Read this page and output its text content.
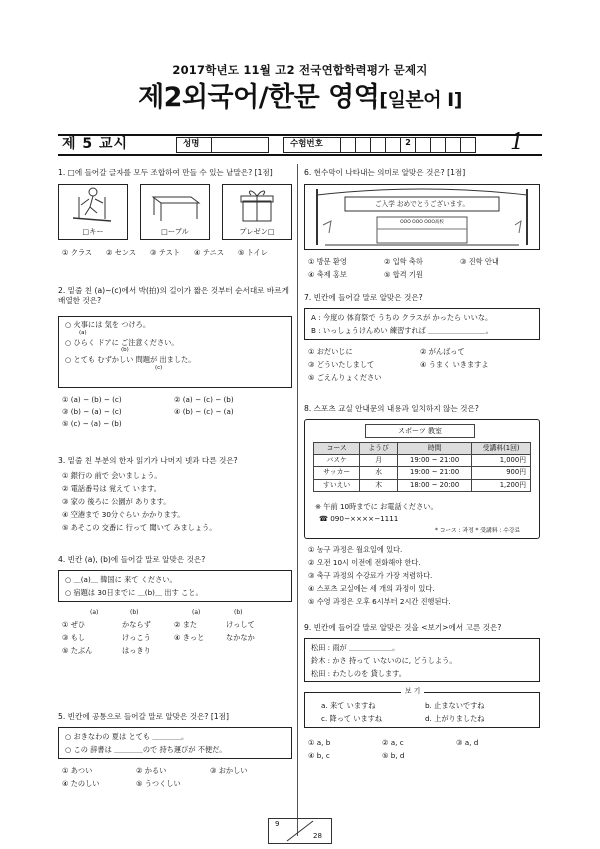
2017학년도 11월 고2 전국연합학력평가 문제지
제2외국어/한문 영역[일본어 Ⅰ]
제 5 교시	성명	수험번호	2	1
1. □에 들어갈 글자를 모두 조합하여 만들 수 있는 낱말은? [1점]
□キー	□ーブル	プレゼン□
① クラス ② センス ③ テスト ④ テニス ⑤ トイレ
2. 밑줄 친 (a)~(c)에서 박(拍)의 길이가 짧은 것부터 순서대로 바르게 배열한 것은?
○ 火事には 気を つけろ。
(a)
○ ひらく ドアに ご注意ください。
(b)
○ とても むずかしい 問題が 出ました。
(c)
① (a) − (b) − (c)	② (a) − (c) − (b)
③ (b) − (a) − (c)	④ (b) − (c) − (a)
⑤ (c) − (a) − (b)
3. 밑줄 친 부분의 한자 읽기가 나머지 넷과 다른 것은?
① 銀行の 前で 会いましょう。
② 電話番号は 覚えて います。
③ 家の 後ろに 公園が あります。
④ 空港まで 30分ぐらい かかります。
⑤ あそこの 交番に 行って 聞いて みましょう。
4. 빈칸 (a), (b)에 들어갈 말로 알맞은 것은?
○ ＿(a)＿ 韓国に 来て ください。
○ 宿題は 30日までに ＿(b)＿ 出す こと。
(a)	(b)	(a)	(b)
① ぜひ	かならず	② また	けっして
③ もし	けっこう	④ きっと	なかなか
⑤ たぶん	はっきり
5. 빈칸에 공통으로 들어갈 말로 알맞은 것은? [1점]
○ おきなわの 夏は とても ＿＿＿＿。
○ この 辞書は ＿＿＿＿ので 持ち運びが 不便だ。
① あつい	② かるい	③ おかしい
④ たのしい	⑤ うつくしい
6. 현수막이 나타내는 의미로 알맞은 것은? [1점]
ご入学 おめでとうございます。
OOO OOO OOO高校
① 방문 환영	② 입학 축하	③ 진학 안내
④ 축제 홍보	⑤ 합격 기원
7. 빈칸에 들어갈 말로 알맞은 것은?
A : 今度の 体育祭で うちの クラスが かったら いいな。
B : いっしょうけんめい 練習すれば ＿＿＿＿＿＿＿＿。
① おだいじに	② がんばって
③ どういたしまして	④ うまく いきますよ
⑤ ごえんりょください
8. 스포츠 교실 안내문의 내용과 일치하지 않는 것은?
スポーツ 教室
コース	ようび	時間	受講料(1回)
バスケ	月	19:00 ~ 21:00	1,000円
サッカー	水	19:00 ~ 21:00	900円
すいえい	木	18:00 ~ 20:00	1,200円
※ 午前 10時までに お電話ください。
☎ 090−××××−1111
* コース : 과정 * 受講料 : 수강료
① 농구 과정은 월요일에 있다.
② 오전 10시 이전에 전화해야 한다.
③ 축구 과정의 수강료가 가장 저렴하다.
④ 스포츠 교실에는 세 개의 과정이 있다.
⑤ 수영 과정은 오후 6시부터 2시간 진행된다.
9. 빈칸에 들어갈 말로 알맞은 것을 <보기>에서 고른 것은?
松田 : 雨が ＿＿＿＿＿＿。
鈴木 : かさ 持って いないのに, どうしよう。
松田 : わたしのを 貸します。
보 기
a. 来て いますね	b. 止まないですね
c. 降って いますね	d. 上がりましたね
① a, b	② a, c	③ a, d
④ b, c	⑤ b, d
9
28
